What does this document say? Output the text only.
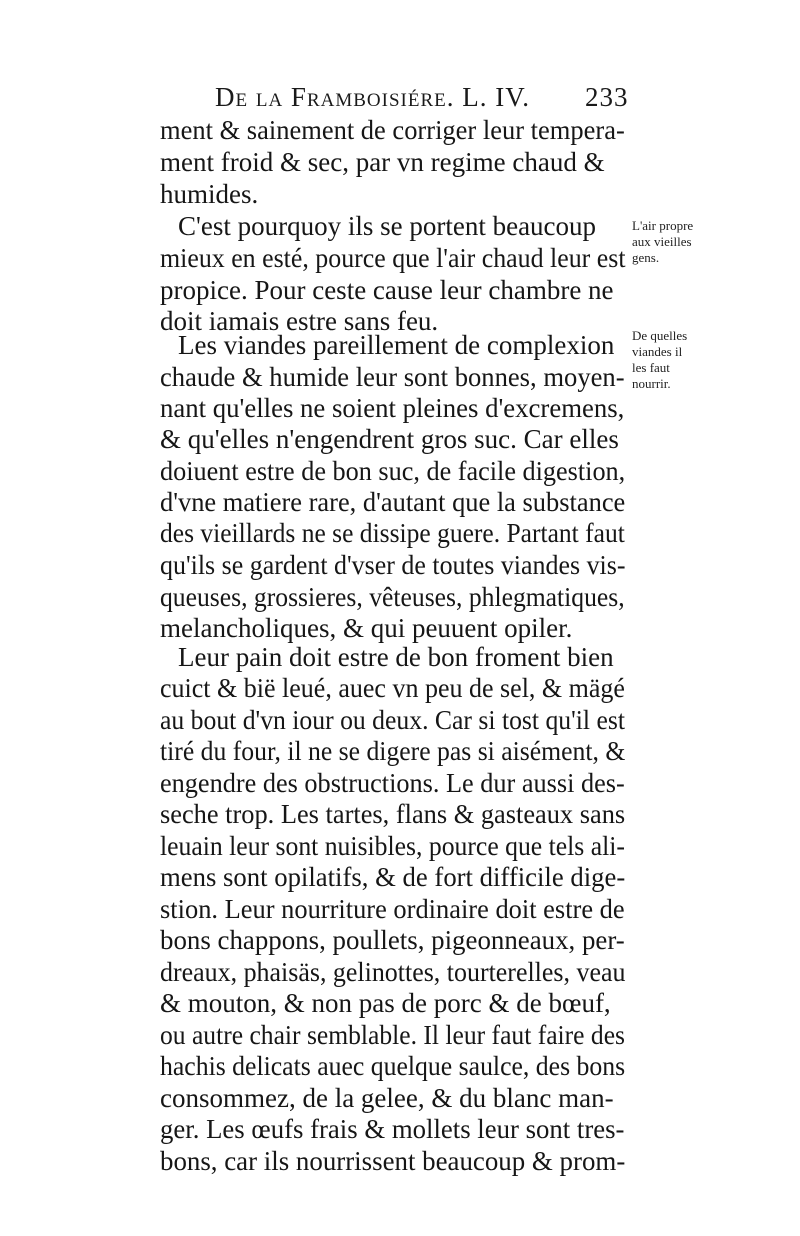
De la Framboisiére. L. IV. 233
ment & sainement de corriger leur tempera-
ment froid & sec, par vn regime chaud &
humides.
C'est pourquoy ils se portent beaucoup
mieux en esté, pource que l'air chaud leur est
propice. Pour ceste cause leur chambre ne
doit iamais estre sans feu.
Les viandes pareillement de complexion
chaude & humide leur sont bonnes, moyen-
nant qu'elles ne soient pleines d'excremens,
& qu'elles n'engendrent gros suc. Car elles
doiuent estre de bon suc, de facile digestion,
d'vne matiere rare, d'autant que la substance
des vieillards ne se dissipe guere. Partant faut
qu'ils se gardent d'vser de toutes viandes vis-
queuses, grossieres, vêteuses, phlegmatiques,
melancholiques, & qui peuuent opiler.
Leur pain doit estre de bon froment bien
cuict & bië leué, auec vn peu de sel, & mägé
au bout d'vn iour ou deux. Car si tost qu'il est
tiré du four, il ne se digere pas si aisément, &
engendre des obstructions. Le dur aussi des-
seche trop. Les tartes, flans & gasteaux sans
leuain leur sont nuisibles, pource que tels ali-
mens sont opilatifs, & de fort difficile dige-
stion. Leur nourriture ordinaire doit estre de
bons chappons, poullets, pigeonneaux, per-
dreaux, phaisäs, gelinottes, tourterelles, veau
& mouton, & non pas de porc & de bœuf,
ou autre chair semblable. Il leur faut faire des
hachis delicats auec quelque saulce, des bons
consommez, de la gelee, & du blanc man-
ger. Les œufs frais & mollets leur sont tres-
bons, car ils nourrissent beaucoup & prom-
L'air propre
aux vieilles
gens.
De quelles
viandes il
les faut
nourrir.
